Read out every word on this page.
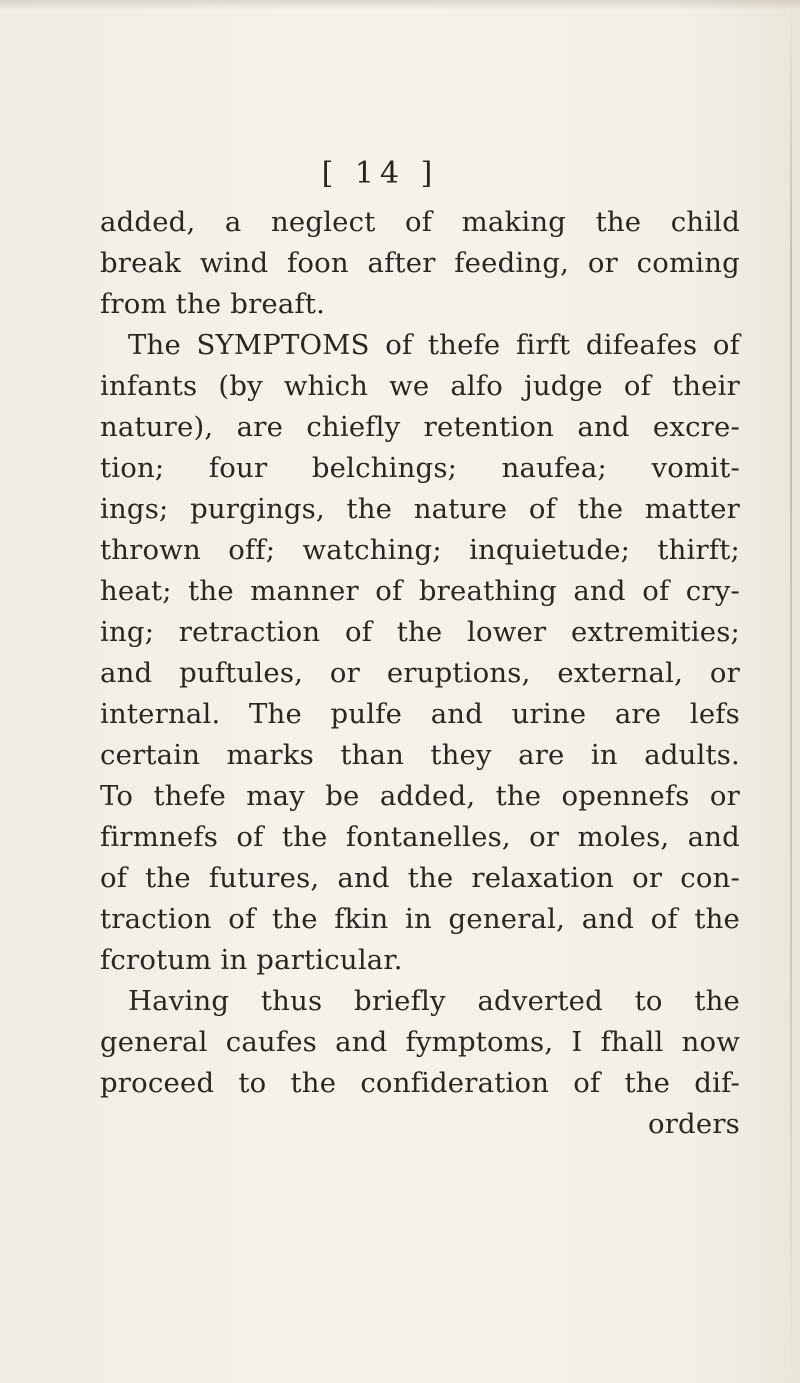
[ 14 ]
added, a neglect of making the child
break wind foon after feeding, or coming
from the breaft.
The SYMPTOMS of thefe firft difeafes of
infants (by which we alfo judge of their
nature), are chiefly retention and excre-
tion; four belchings; naufea; vomit-
ings; purgings, the nature of the matter
thrown off; watching; inquietude; thirft;
heat; the manner of breathing and of cry-
ing; retraction of the lower extremities;
and puftules, or eruptions, external, or
internal. The pulfe and urine are lefs
certain marks than they are in adults.
To thefe may be added, the opennefs or
firmnefs of the fontanelles, or moles, and
of the futures, and the relaxation or con-
traction of the fkin in general, and of the
fcrotum in particular.
Having thus briefly adverted to the
general caufes and fymptoms, I fhall now
proceed to the confideration of the dif-
orders
